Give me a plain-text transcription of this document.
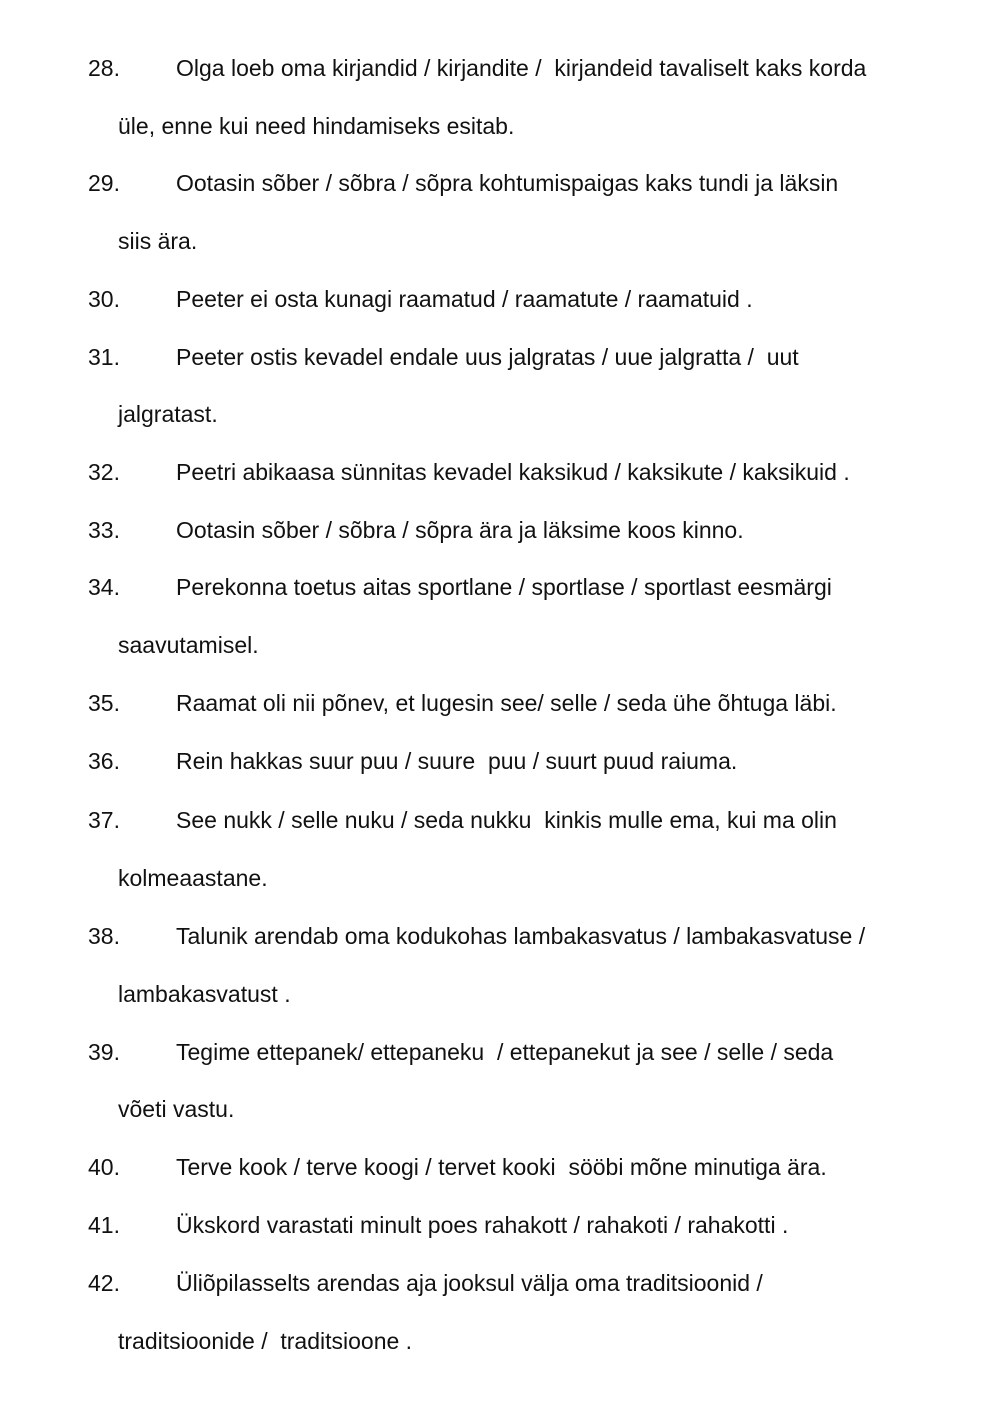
28. Olga loeb oma kirjandid / kirjandite /  kirjandeid tavaliselt kaks korda
üle, enne kui need hindamiseks esitab.
29. Ootasin sõber / sõbra / sõpra kohtumispaigas kaks tundi ja läksin
siis ära.
30. Peeter ei osta kunagi raamatud / raamatute / raamatuid .
31. Peeter ostis kevadel endale uus jalgratas / uue jalgratta /  uut
jalgratast.
32. Peetri abikaasa sünnitas kevadel kaksikud / kaksikute / kaksikuid .
33. Ootasin sõber / sõbra / sõpra ära ja läksime koos kinno.
34. Perekonna toetus aitas sportlane / sportlase / sportlast eesmärgi
saavutamisel.
35. Raamat oli nii põnev, et lugesin see/ selle / seda ühe õhtuga läbi.
36. Rein hakkas suur puu / suure  puu / suurt puud raiuma.
37. See nukk / selle nuku / seda nukku  kinkis mulle ema, kui ma olin
kolmeaastane.
38. Talunik arendab oma kodukohas lambakasvatus / lambakasvatuse /
lambakasvatust .
39. Tegime ettepanek/ ettepaneku  / ettepanekut ja see / selle / seda
võeti vastu.
40. Terve kook / terve koogi / tervet kooki  sööbi mõne minutiga ära.
41. Ükskord varastati minult poes rahakott / rahakoti / rahakotti .
42. Üliõpilasselts arendas aja jooksul välja oma traditsioonid /
traditsioonide /  traditsioone .
